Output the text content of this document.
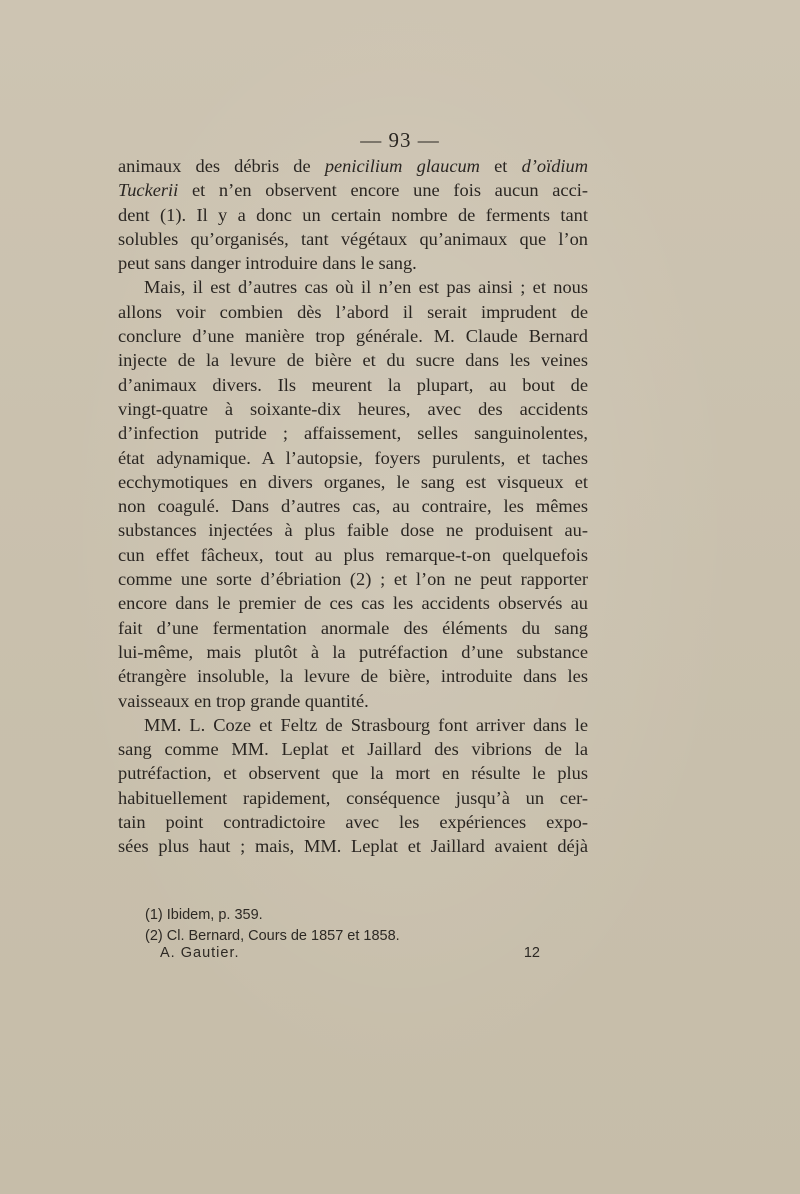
— 93 —
animaux des débris de penicilium glaucum et d’oïdium
Tuckerii et n’en observent encore une fois aucun acci-
dent (1). Il y a donc un certain nombre de ferments tant
solubles qu’organisés, tant végétaux qu’animaux que l’on
peut sans danger introduire dans le sang.
Mais, il est d’autres cas où il n’en est pas ainsi ; et nous
allons voir combien dès l’abord il serait imprudent de
conclure d’une manière trop générale. M. Claude Bernard
injecte de la levure de bière et du sucre dans les veines
d’animaux divers. Ils meurent la plupart, au bout de
vingt-quatre à soixante-dix heures, avec des accidents
d’infection putride ; affaissement, selles sanguinolentes,
état adynamique. A l’autopsie, foyers purulents, et taches
ecchymotiques en divers organes, le sang est visqueux et
non coagulé. Dans d’autres cas, au contraire, les mêmes
substances injectées à plus faible dose ne produisent au-
cun effet fâcheux, tout au plus remarque-t-on quelquefois
comme une sorte d’ébriation (2) ; et l’on ne peut rapporter
encore dans le premier de ces cas les accidents observés au
fait d’une fermentation anormale des éléments du sang
lui-même, mais plutôt à la putréfaction d’une substance
étrangère insoluble, la levure de bière, introduite dans les
vaisseaux en trop grande quantité.
MM. L. Coze et Feltz de Strasbourg font arriver dans le
sang comme MM. Leplat et Jaillard des vibrions de la
putréfaction, et observent que la mort en résulte le plus
habituellement rapidement, conséquence jusqu’à un cer-
tain point contradictoire avec les expériences expo-
sées plus haut ; mais, MM. Leplat et Jaillard avaient déjà
(1) Ibidem, p. 359.
(2) Cl. Bernard, Cours de 1857 et 1858.
A. Gautier.	12
